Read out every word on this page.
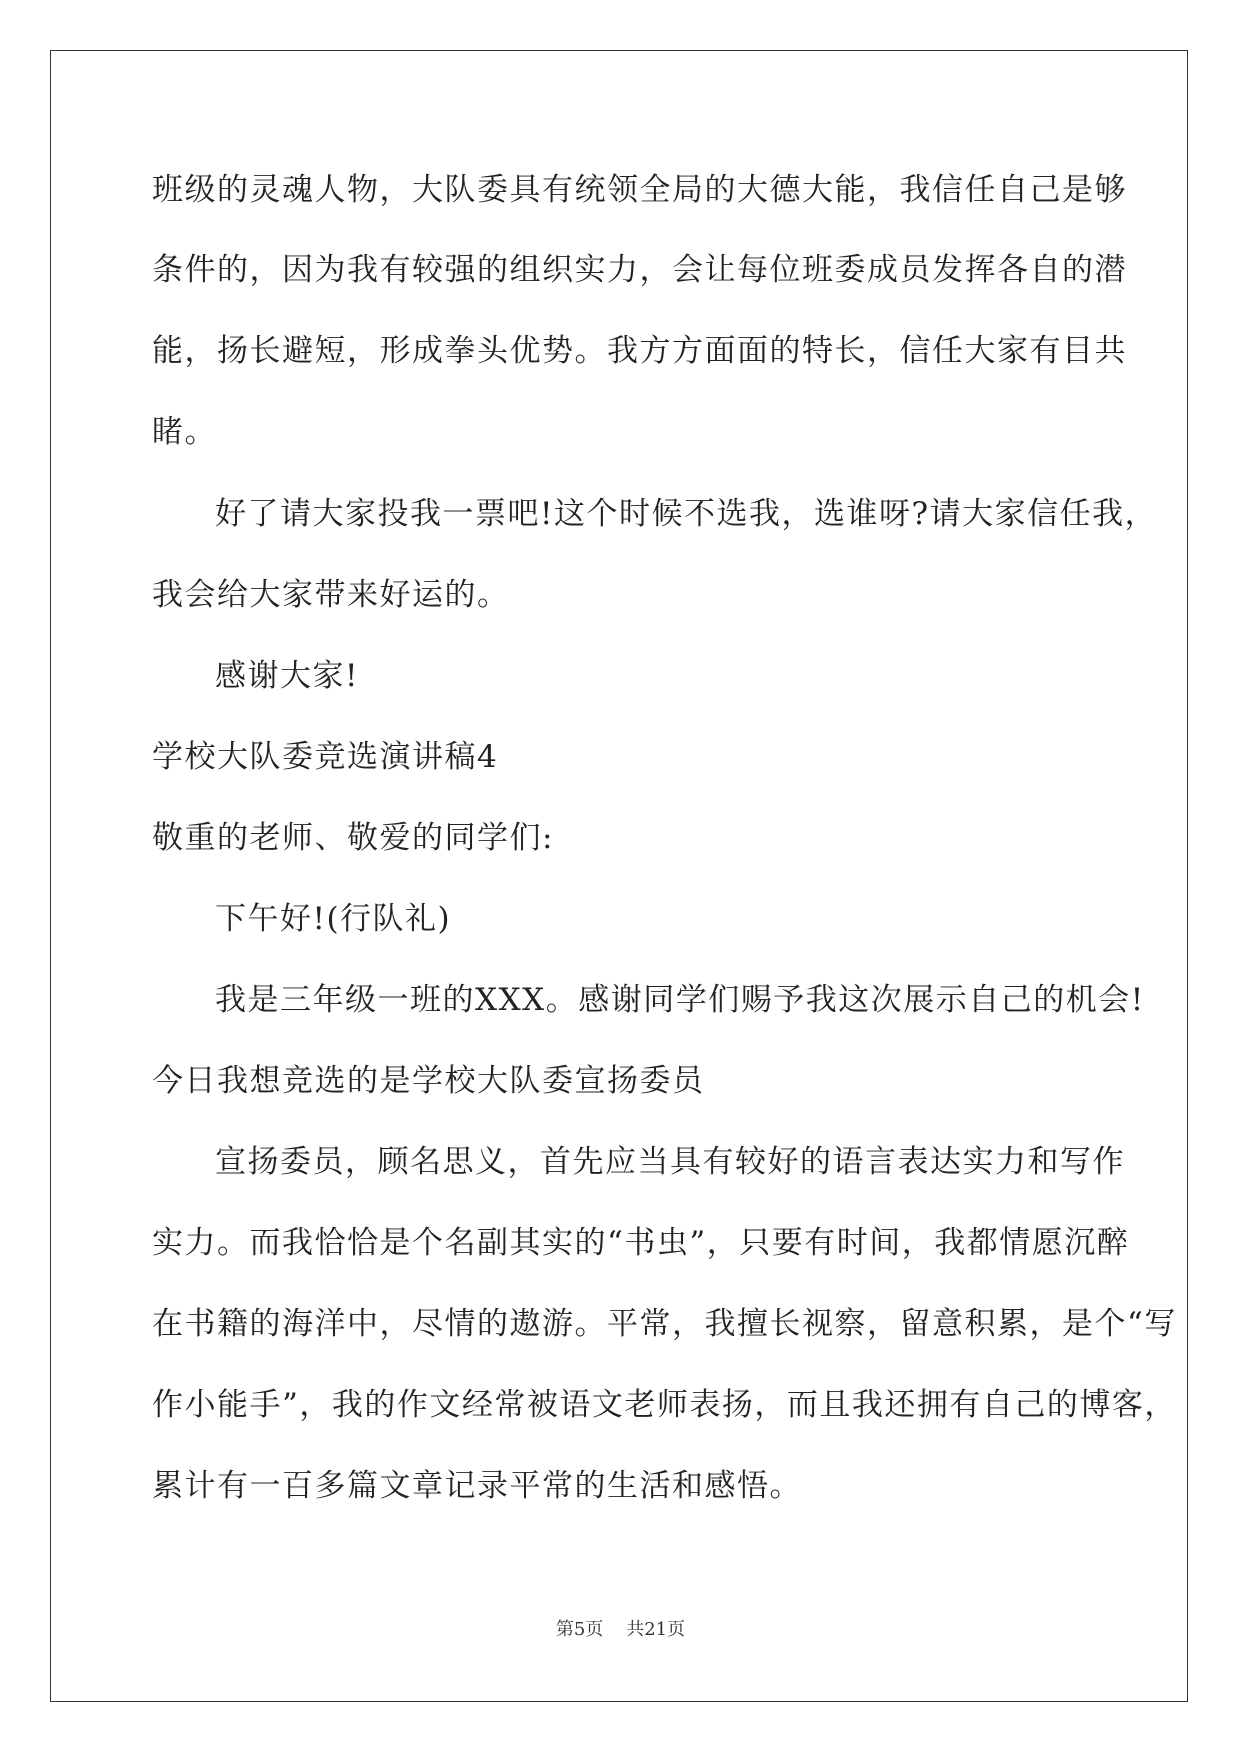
班级的灵魂人物，大队委具有统领全局的大德大能，我信任自己是够
条件的，因为我有较强的组织实力，会让每位班委成员发挥各自的潜
能，扬长避短，形成拳头优势。我方方面面的特长，信任大家有目共
睹。
好了请大家投我一票吧!这个时候不选我，选谁呀?请大家信任我，
我会给大家带来好运的。
感谢大家!
学校大队委竞选演讲稿4
敬重的老师、敬爱的同学们:
下午好!(行队礼)
我是三年级一班的XXX。感谢同学们赐予我这次展示自己的机会!
今日我想竞选的是学校大队委宣扬委员
宣扬委员，顾名思义，首先应当具有较好的语言表达实力和写作
实力。而我恰恰是个名副其实的“书虫”，只要有时间，我都情愿沉醉
在书籍的海洋中，尽情的遨游。平常，我擅长视察，留意积累，是个“写
作小能手”，我的作文经常被语文老师表扬，而且我还拥有自己的博客，
累计有一百多篇文章记录平常的生活和感悟。
第5页 共21页
